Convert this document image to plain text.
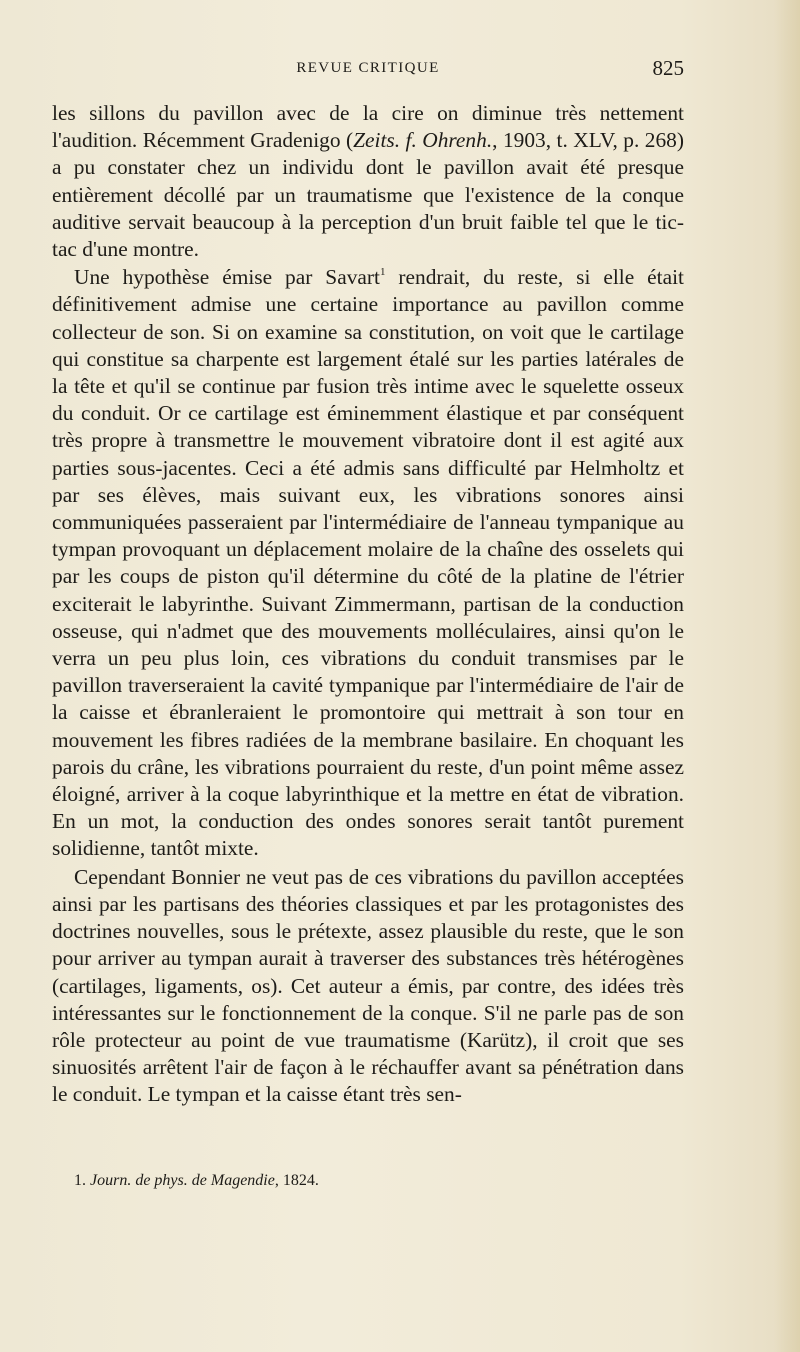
REVUE CRITIQUE	825

les sillons du pavillon avec de la cire on diminue très nettement l'audition. Récemment Gradenigo (Zeits. f. Ohrenh., 1903, t. XLV, p. 268) a pu constater chez un individu dont le pavillon avait été presque entièrement décollé par un traumatisme que l'existence de la conque auditive servait beaucoup à la perception d'un bruit faible tel que le tic-tac d'une montre.

Une hypothèse émise par Savart$^1$ rendrait, du reste, si elle était définitivement admise une certaine importance au pavillon comme collecteur de son. Si on examine sa constitution, on voit que le cartilage qui constitue sa charpente est largement étalé sur les parties latérales de la tête et qu'il se continue par fusion très intime avec le squelette osseux du conduit. Or ce cartilage est éminemment élastique et par conséquent très propre à transmettre le mouvement vibratoire dont il est agité aux parties sous-jacentes. Ceci a été admis sans difficulté par Helmholtz et par ses élèves, mais suivant eux, les vibrations sonores ainsi communiquées passeraient par l'intermédiaire de l'anneau tympanique au tympan provoquant un déplacement molaire de la chaîne des osselets qui par les coups de piston qu'il détermine du côté de la platine de l'étrier exciterait le labyrinthe. Suivant Zimmermann, partisan de la conduction osseuse, qui n'admet que des mouvements molléculaires, ainsi qu'on le verra un peu plus loin, ces vibrations du conduit transmises par le pavillon traverseraient la cavité tympanique par l'intermédiaire de l'air de la caisse et ébranleraient le promontoire qui mettrait à son tour en mouvement les fibres radiées de la membrane basilaire. En choquant les parois du crâne, les vibrations pourraient du reste, d'un point même assez éloigné, arriver à la coque labyrinthique et la mettre en état de vibration. En un mot, la conduction des ondes sonores serait tantôt purement solidienne, tantôt mixte.

Cependant Bonnier ne veut pas de ces vibrations du pavillon acceptées ainsi par les partisans des théories classiques et par les protagonistes des doctrines nouvelles, sous le prétexte, assez plausible du reste, que le son pour arriver au tympan aurait à traverser des substances très hétérogènes (cartilages, ligaments, os). Cet auteur a émis, par contre, des idées très intéressantes sur le fonctionnement de la conque. S'il ne parle pas de son rôle protecteur au point de vue traumatisme (Karütz), il croit que ses sinuosités arrêtent l'air de façon à le réchauffer avant sa pénétration dans le conduit. Le tympan et la caisse étant très sen-

1. Journ. de phys. de Magendie, 1824.
